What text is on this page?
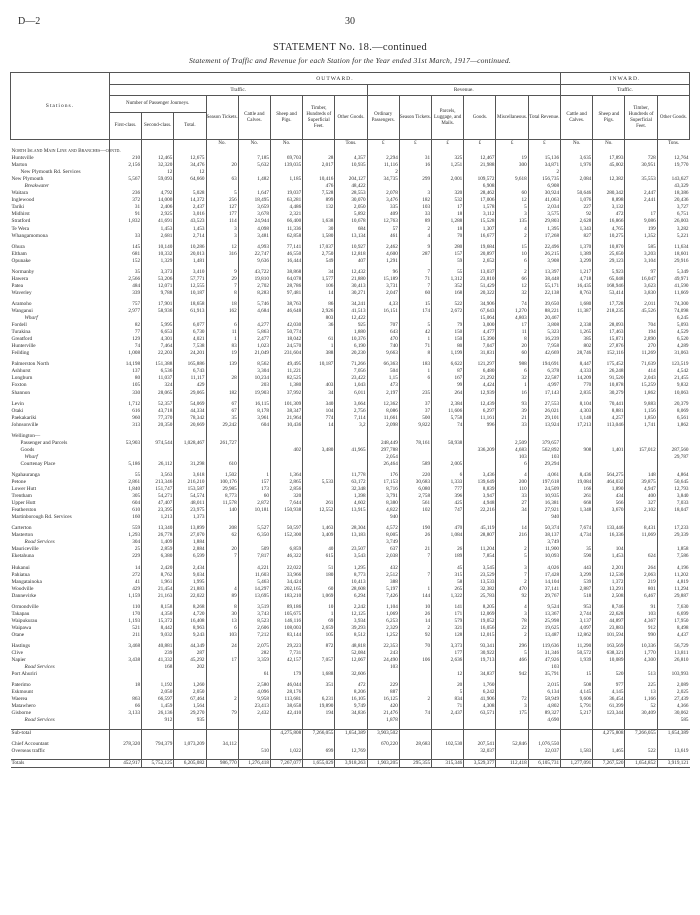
D—2	30
STATEMENT No. 18.—continued
Statement of Traffic and Revenue for each Station for the Year ended 31st March, 1917—continued.
Stations.	OUTWARD.														INWARD.			
	Traffic.								Revenue.						Traffic.			
	Number of Passenger Journeys.			Season Tickets.	Cattle and Calves.	Sheep and Pigs.	Timber, Hundreds of Superficial Feet.	Other Goods.	Ordinary Passengers.	Season Tickets.	Parcels, Luggage, and Mails.	Goods.	Miscellaneous.	Total Revenue.	Cattle and Calves.	Sheep and Pigs.	Timber, Hundreds of Superficial Feet.	Other Goods.
	First-class.	Second-class.	Total.															
				No.	No.	No.		Tons.	£	£	£	£	£	£	No.	No.		Tons.
North Island Main Line and Branches—contd.																		
Huntsville	210	12,465	12,675		7,185	69,703	28	4,357	2,294	31	325	12,467	19	15,136	3,635	17,893	728	12,764
Marton	2,156	32,320	34,476	20	5,632	139,035	2,017	10,935	11,116	16	1,251	21,988	300	34,871	1,976	45,002	30,951	19,770
New Plymouth Rd. Services		12	12						2					2				
New Plymouth	5,567	59,093	64,660	63	1,482	1,185	10,416	204,127	34,735	299	2,001	109,572	9,618	156,735	2,084	12,382	35,553	143,627
Breakwater							476	48,422				6,908		6,908				43,329
Waitara	236	4,792	5,028	5	1,647	19,037	7,528	28,553	2,078	3	320	28,462	60	30,924	50,646	280,342	2,447	18,386
Inglewood	372	14,000	14,372	256	18,495	63,281	899	30,070	3,476	182	532	17,006	12	41,063	1,076	8,898	2,441	20,436
Tariki	31	2,406	2,437	127	3,659	4,486	132	2,050	335	103	17	1,578	5	2,034	227	3,132		3,727
Midhirst	91	2,925	3,016	177	3,678	2,321		5,892	409	33	18	3,112	3	3,575	92	472	17	6,751
Stratford	1,832	41,691	43,523	114	24,944	66,400	1,638	10,678	12,763	89	1,288	15,528	135	29,803	2,628	16,866	9,086	26,003
Te Wera		1,453	1,453	3	4,098	11,336	30	684	57	2	18	1,307	4	1,395	1,343	4,765	199	3,282
Whangamomona	33	2,681	2,714	3	3,481	62,858	1,580	13,134	461	4	70	16,677	2	17,268	827	10,275	1,352	5,221

Ohura	145	10,140	10,286	12	4,993	77,141	17,037	10,927	2,462	9	280	19,684	15	22,496	1,370	10,870	585	11,634
Eltham	681	10,332	20,013	316	22,747	46,550	2,750	12,818	4,600	287	157	20,897	10	26,215	1,389	25,650	3,203	18,601
Opunake	152	1,329	1,481		9,636	16,444	549	407	1,291		59	2,652	6	3,908	3,299	29,123	3,104	29,916

Normanby	35	3,373	3,410	9	43,722	38,868	34	12,432	96	7	55	13,037	2	13,397	1,217	5,923	97	5,349
Hawera	2,566	53,206	57,771	29	19,810	64,078	1,577	21,880	15,189	71	1,312	23,810	66	38,448	4,718	65,048	16,047	49,971
Patea	484	12,071	12,555	7	2,702	28,786	106	30,413	3,731	7	352	51,429	12	55,171	16,435	168,946	3,623	41,590
Waverley	339	9,788	10,187	8	8,283	97,481	14	30,271	2,047	60	168	20,322	32	22,138	8,763	53,414	3,830	11,669

Aramoho	757	17,901	18,658	18	5,746	38,763	86	34,241	4,33	15	522	34,906	74	39,650	1,680	17,728	2,011	74,300
Wanganui	2,977	58,936	61,913	162	4,684	46,648	2,926	41,513	16,151	174	2,672	67,643	1,270	88,221	11,387	218,235	45,526	74,098
Wharf							803	12,422				15,064	4,803	20,467				6,245
Fordell	82	5,995	6,077	6	4,277	42,030	36	925	707	5	79	3,000	17	3,808	2,338	28,093	704	5,093
Turakina	77	6,653	6,730	11	5,863	50,774		1,880	643	42	150	4,477	11	5,323	1,265	17,463	194	4,529
Greatford	129	4,301	4,021	1	2,477	18,042	61	10,376	470	1	150	15,390	8	16,239	385	15,871	2,890	6,520
Hunterville	74	7,464	7,538	83	1,023	24,570	1	6,190	740	71	80	7,047	20	7,958	802	27,876	270	4,289
Feilding	1,008	22,203	24,201	19	21,049	231,604	388	20,230	9,663	8	1,199	31,831	60	42,669	28,746	152,116	11,269	31,063

Palmerston North	14,198	151,388	165,886	139	8,562	49,495	10,187	71,266	66,363	183	6,622	121,297	988	194,691	8,447	175,452	71,639	123,519
Ashhurst	137	6,536	6,743		3,304	11,221		7,056	504	1	87	6,480	6	6,378	4,333	26,248	414	4,542
Longburn	80	11,037	11,117	28	10,234	82,525		23,422	1,15	6	167	21,292	32	22,587	14,209	91,520	2,043	21,455
Foxton	105	324	429		203	1,380	403	1,043	473		99	4,424	1	4,997	770	10,878	15,259	9,832
Shannon	330	28,065	29,065	182	19,903	37,992	34	6,011	2,197	235	264	12,939	16	17,143	2,835	30,279	1,862	10,063

Levin	1,712	52,357	54,069	67	16,115	101,309	340	3,664	12,362	37	2,384	12,439	93	27,553	8,104	70,441	9,883	20,379
Otaki	616	43,718	44,334	67	8,178	38,347	104	2,756	8,086	37	11,606	6,297	39	26,021	4,303	8,881	1,156	8,069
Paekakariki	960	77,370	78,342	35	3,961	21,964	774	7,114	11,661	500	5,758	11,161	21	29,101	1,148	4,257	1,850	6,561
Johnsonville	313	20,350	20,669	29,242	604	10,436	14	3,2	2,098	9,822	74	996	33	13,924	17,213	113,046	1,741	1,862

Wellington—																		
Passenger and Parcels	53,903	974,544	1,028,467	261,727					248,449	78,161	50,938		2,509	379,657				
Goods						402	3,480	41,965	297,788			336,209	4,683	562,892	908	1,401	157,012	287,560
Wharf									2,054				103	103				29,787
Courtenay Place	5,186	26,112	31,298	610					26,464	589	2,005		6	29,294				

Ngahauranga	55	3,563	3,618	1,502	1	1,364		11,778	176	220	6	3,436	4	4,061	8,436	564,275	148	4,864
Petone	2,861	213,346	216,210	100,176	157	2,865	5,533	63,172	17,153	30,683	1,333	139,649	200	197,618	19,084	464,032	39,875	50,645
Lower Hutt	1,840	151,747	153,587	29,985	173	2,856		32,348	8,716	6,080	777	8,839	110	24,509	166	1,890	4,947	12,793
Trentham	305	54,271	54,574	8,773	60	320		1,398	3,791	2,758	396	3,947	33	10,935	261	434	400	3,840
Upper Hutt	604	47,407	48,011	11,578	2,872	7,644	261	4,602	8,380	561	425	4,948	27	16,381	668	566	327	7,033
Featherston	610	23,395	23,975	140	10,181	150,938	12,552	13,915	4,822	102	747	22,216	34	27,921	1,348	3,670	2,102	18,047
Martinborough Rd. Services	160	1,213	1,373						940					940				

Carterton	559	13,340	13,899	208	5,527	50,597	1,463	28,304	4,572	190	470	45,119	14	50,374	7,674	133,446	8,431	17,233
Masterton	1,293	26,778	27,070	62	6,350	152,300	3,409	13,183	8,005	26	1,084	28,807	216	38,137	4,734	16,336	11,069	29,339
Road Services	304	1,409	1,884						3,749					3,749				
Mauriceville	25	2,859	2,884	20	509	6,859	40	23,507	637	21	26	11,204	2	11,900	35	104		1,858
Eketahuna	229	6,380	6,599	7	7,817	46,322	615	3,543	2,038	7	189	7,854	5	10,093	590	1,453	624	7,586

Hukanui	14	2,420	2,434		4,221	22,022	51	1,295	432		45	3,545	3	4,026	443	2,201	264	4,196
Pahiatua	272	8,762	9,034		11,603	33,966	180	8,773	2,512	7	315	23,529	7	17,428	3,299	12,530	2,063	11,202
Mangatainoka	41	1,961	1,995		5,463	34,424		10,413	388		58	13,533	2	14,104	539	1,372	219	4,819
Woodville	429	21,454	21,883	4	14,297	202,165	60	28,608	5,197	1	265	32,382	470	37,141	2,887	13,291	801	11,294
Dannevirke	1,159	21,163	22,022	89	13,695	183,210	1,069	6,294	7,426	144	1,322	25,783	92	29,767	518	2,508	6,467	29,887

Ormondville	110	8,158	8,268	8	3,519	89,186	10	2,242	1,104	10	141	8,205	4	9,524	953	8,746	91	7,630
Takapau	170	4,350	4,720	30	3,743	105,675	1	12,125	1,069	26	171	12,069	3	13,367	2,744	22,628	103	6,699
Waipukurau	1,193	15,372	16,408	13	8,523	146,116	69	3,934	6,253	14	579	19,052	78	25,998	3,137	44,897	4,367	17,950
Waipawa	521	8,442	8,963	6	2,606	108,003	2,659	39,293	2,329	2	321	16,056	22	19,625	4,097	23,883	912	8,498
Otane	211	9,032	9,243	103	7,212	83,144	105	8,512	1,252	92	128	12,015	2	13,487	12,862	101,594	990	4,437

Hastings	3,468	40,881	44,349	24	2,075	29,223	872	48,818	22,353	70	3,373	93,341	296	119,636	11,290	163,569	10,336	56,729
Clive		239	287		282	7,731		52,084	243		177	30,922	5	31,346	50,572	638,321	1,770	13,811
Napier	3,438	41,332	45,292	17	3,359	42,157	7,057	12,067	24,490	106	2,636	19,713	466	47,926	1,939	10,089	4,300	26,810
Road Services		168	202						103					103				
Port Ahuriri					61	179	1,688	32,606			12	34,837	942	35,791	15	520	513	103,993

Paterimo	18	1,192	1,260		2,580	46,044	351	472	229		20	1,760		2,015	508	977	225	2,089
Eskmount		2,050	2,050		4,096	28,176		8,206	887		5	6,242		6,134	4,145	4,145	13	2,025
Waerea	863	66,597	67,464	2	9,958	113,681	6,231	16,105	16,125	2	834	41,906	72	58,949	9,606	36,454	1,166	27,439
Matawhero	66	1,459	1,564		23,413	38,658	19,890	9,749	420		71	4,308	3	4,802	5,791	61,399	52	4,366
Gisborne	3,133	26,136	29,270	79	2,432	42,410	194	34,836	21,476	74	2,437	63,571	175	89,327	5,217	123,344	30,409	30,062
Road Services		912	935						1,878					4,690				585

Sub-total						4,275,808	7,266,055	1,654,389	3,903,502							4,275,808	7,266,055	1,654,389

Chief Accountant	278,320	794,379	1,073,209	34,112					670,220	28,683	102,530	207,541	52,846	1,076,550				
Overseas traffic					510	1,022	699	12,769				32,037		32,037	1,583	1,465	522	13,619

Totals	452,917	5,752,125	6,205,082	986,770	1,276,418	7,267,077	1,655,029	3,918,263	1,903,205	295,355	315,346	3,529,377	112,418	6,105,731	1,277,091	7,267,520	1,654,852	3,919,121
